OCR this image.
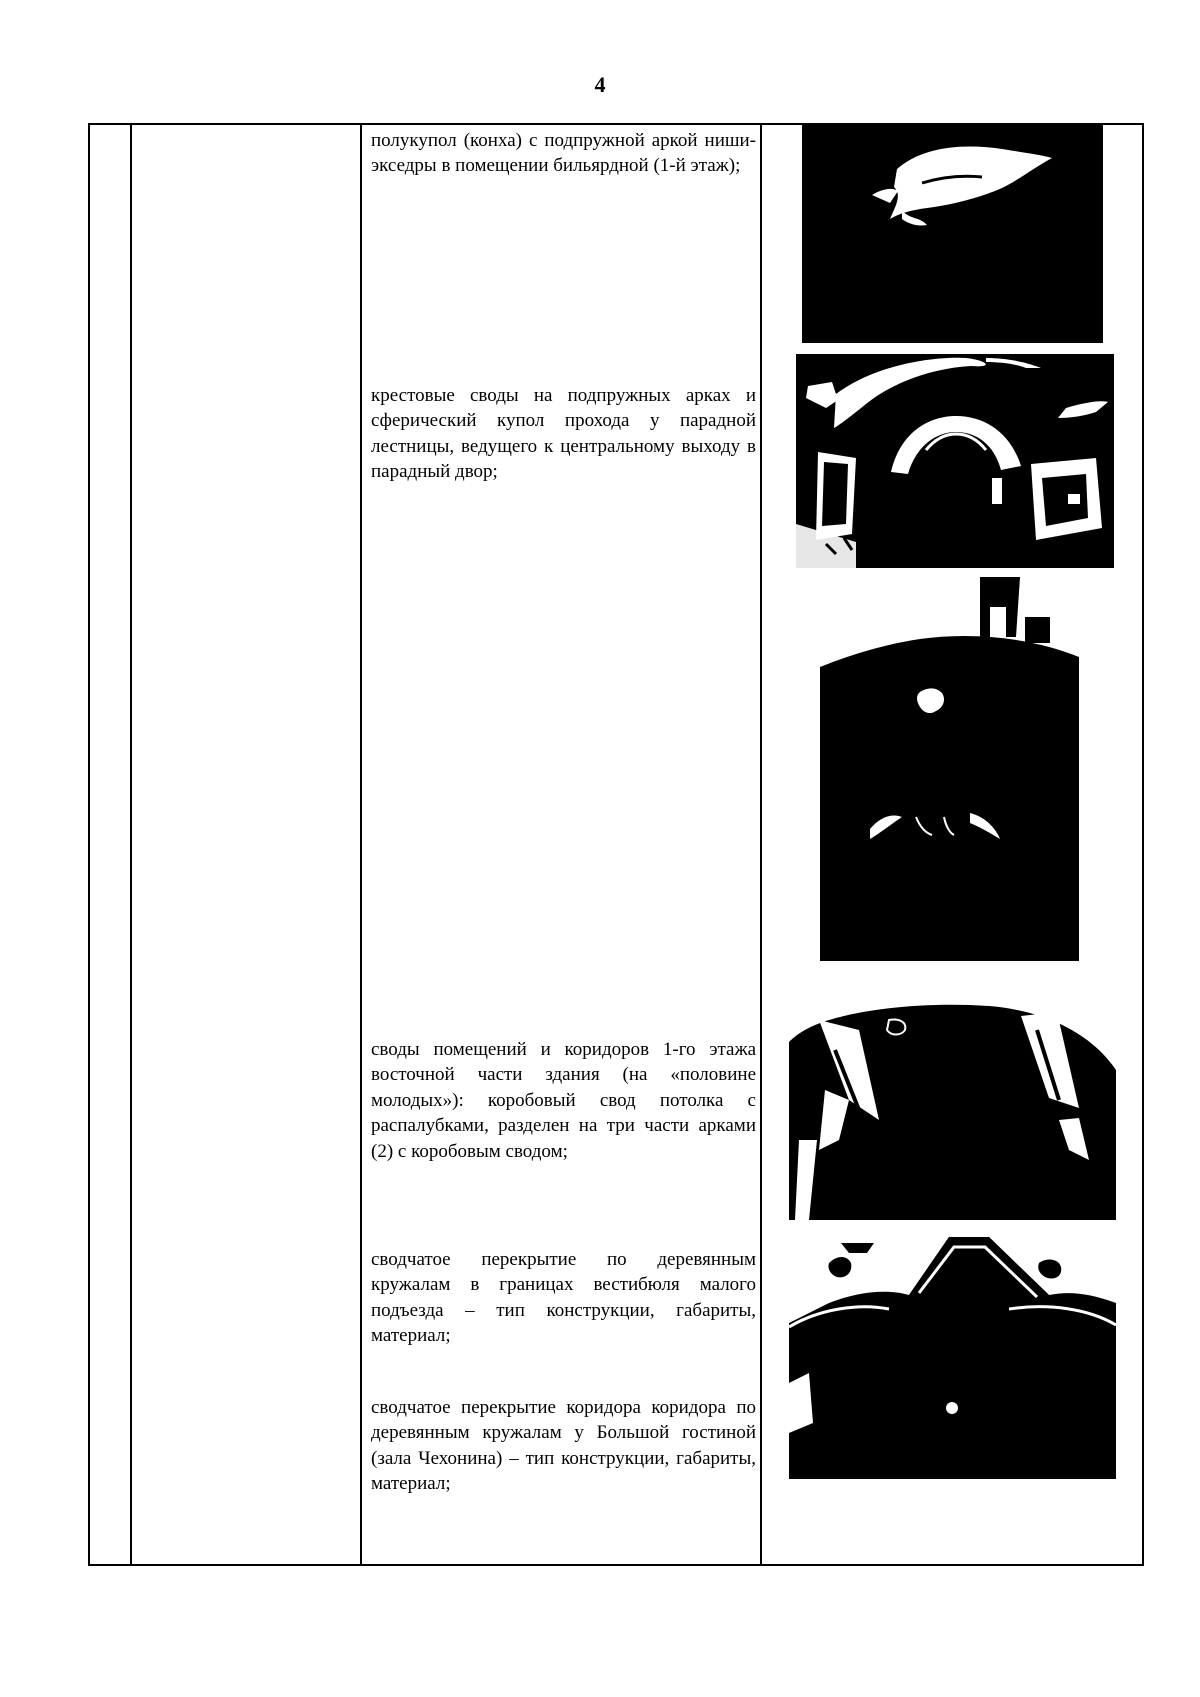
4
полукупол (конха) с подпружной аркой ниши-экседры в помещении бильярдной (1-й этаж);
крестовые своды на подпружных арках и сферический купол прохода у парадной лестницы, ведущего к центральному выходу в парадный двор;
своды помещений и коридоров 1-го этажа восточной части здания (на «половине молодых»): коробовый свод потолка с распалубками, разделен на три части арками (2) с коробовым сводом;
сводчатое перекрытие по деревянным кружалам в границах вестибюля малого подъезда – тип конструкции, габариты, материал;
сводчатое перекрытие коридора коридора по деревянным кружалам у Большой гостиной (зала Чехонина) – тип конструкции, габариты, материал;
